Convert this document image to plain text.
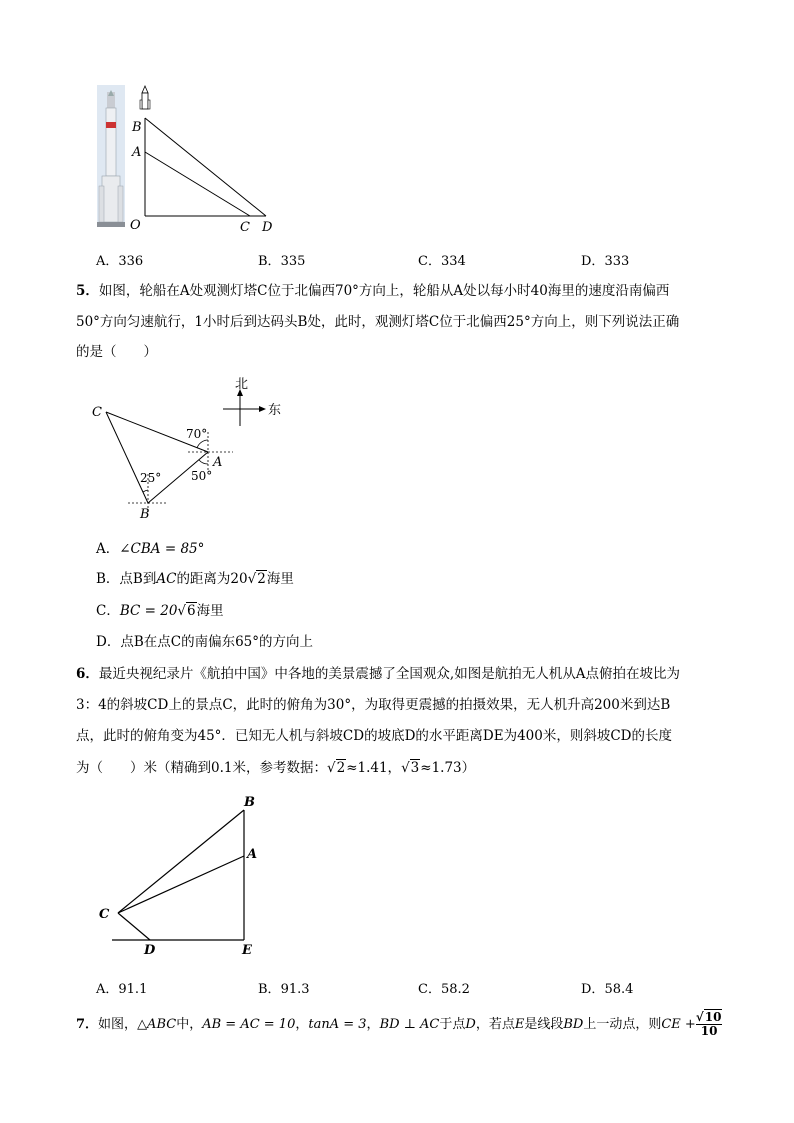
B
A
O	C D
A．336	B．335	C．334	D．333
5．如图，轮船在A处观测灯塔C位于北偏西70°方向上，轮船从A处以每小时40海里的速度沿南偏西
50°方向匀速航行，1小时后到达码头B处，此时，观测灯塔C位于北偏西25°方向上，则下列说法正确
的是（　　）
北
东
C
A
B
70°
50°
25°
A．∠CBA = 85°
B．点B到AC的距离为20√2海里
C．BC = 20√6海里
D．点B在点C的南偏东65°的方向上
6．最近央视纪录片《航拍中国》中各地的美景震撼了全国观众,如图是航拍无人机从A点俯拍在坡比为
3：4的斜坡CD上的景点C，此时的俯角为30°，为取得更震撼的拍摄效果，无人机升高200米到达B
点，此时的俯角变为45°．已知无人机与斜坡CD的坡底D的水平距离DE为400米，则斜坡CD的长度
为（　　）米（精确到0.1米，参考数据：√2≈1.41，√3≈1.73）
B
A
C
D	E
A．91.1	B．91.3	C．58.2	D．58.4
7．如图，△ABC中，AB = AC = 10，tanA = 3，BD ⊥ AC于点D，若点E是线段BD上一动点，则CE + $\frac{√10}{10}$
